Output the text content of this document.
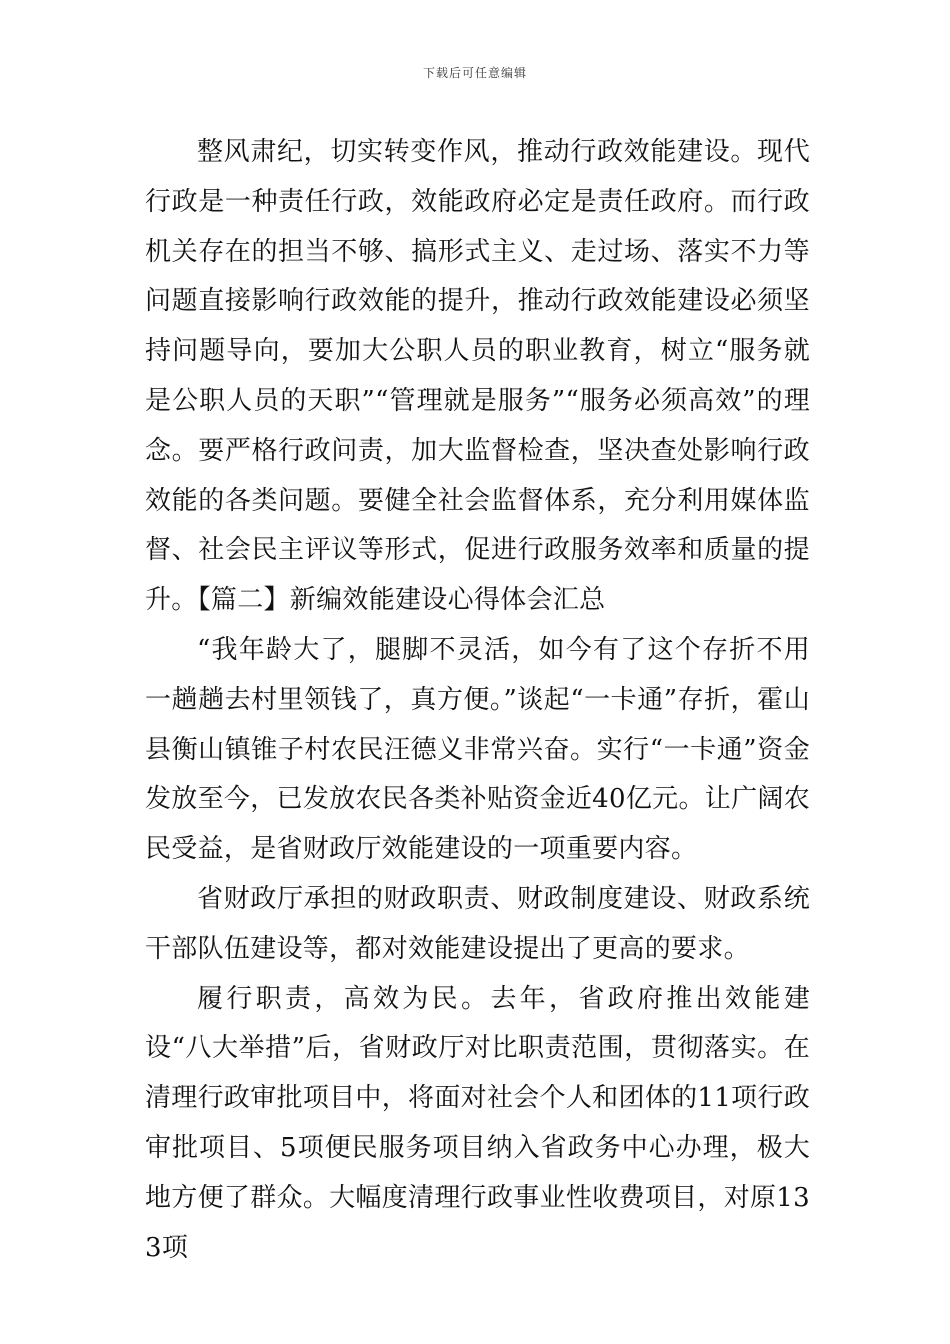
下载后可任意编辑

整风肃纪，切实转变作风，推动行政效能建设。现代行政是一种责任行政，效能政府必定是责任政府。而行政机关存在的担当不够、搞形式主义、走过场、落实不力等问题直接影响行政效能的提升，推动行政效能建设必须坚持问题导向，要加大公职人员的职业教育，树立“服务就是公职人员的天职”“管理就是服务”“服务必须高效”的理念。要严格行政问责，加大监督检查，坚决查处影响行政效能的各类问题。要健全社会监督体系，充分利用媒体监督、社会民主评议等形式，促进行政服务效率和质量的提升。【篇二】新编效能建设心得体会汇总

“我年龄大了，腿脚不灵活，如今有了这个存折不用一趟趟去村里领钱了，真方便。”谈起“一卡通”存折，霍山县衡山镇锥子村农民汪德义非常兴奋。实行“一卡通”资金发放至今，已发放农民各类补贴资金近40亿元。让广阔农民受益，是省财政厅效能建设的一项重要内容。

省财政厅承担的财政职责、财政制度建设、财政系统干部队伍建设等，都对效能建设提出了更高的要求。

履行职责，高效为民。去年，省政府推出效能建设“八大举措”后，省财政厅对比职责范围，贯彻落实。在清理行政审批项目中，将面对社会个人和团体的11项行政审批项目、5项便民服务项目纳入省政务中心办理，极大地方便了群众。大幅度清理行政事业性收费项目，对原133项
